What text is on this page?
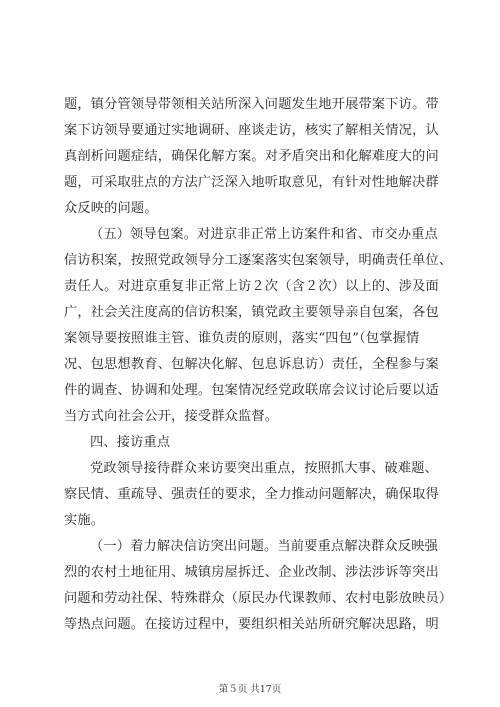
题，镇分管领导带领相关站所深入问题发生地开展带案下访。带
案下访领导要通过实地调研、座谈走访，核实了解相关情况，认
真剖析问题症结，确保化解方案。对矛盾突出和化解难度大的问
题，可采取驻点的方法广泛深入地听取意见，有针对性地解决群
众反映的问题。
（五）领导包案。对进京非正常上访案件和省、市交办重点
信访积案，按照党政领导分工逐案落实包案领导，明确责任单位、
责任人。对进京重复非正常上访２次（含２次）以上的、涉及面
广，社会关注度高的信访积案，镇党政主要领导亲自包案，各包
案领导要按照谁主管、谁负责的原则，落实“四包”（包掌握情
况、包思想教育、包解决化解、包息诉息访）责任，全程参与案
件的调查、协调和处理。包案情况经党政联席会议讨论后要以适
当方式向社会公开，接受群众监督。
四、接访重点
党政领导接待群众来访要突出重点，按照抓大事、破难题、
察民情、重疏导、强责任的要求，全力推动问题解决，确保取得
实施。
（一）着力解决信访突出问题。当前要重点解决群众反映强
烈的农村土地征用、城镇房屋拆迁、企业改制、涉法涉诉等突出
问题和劳动社保、特殊群众（原民办代课教师、农村电影放映员）
等热点问题。在接访过程中，要组织相关站所研究解决思路，明
第５页 共17页
